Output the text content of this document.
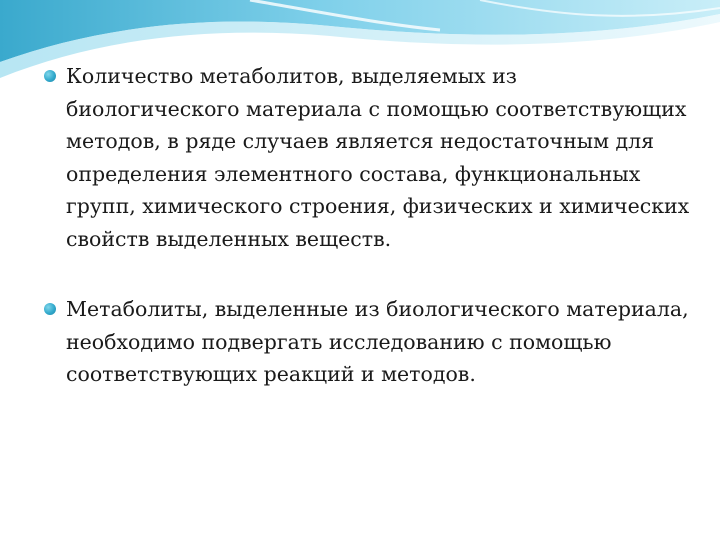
Количество метаболитов, выделяемых из биологического материала с помощью соответствующих методов, в ряде случаев является недостаточным для определения элементного состава, функциональных групп, химического строения, физических и химических свойств выделенных веществ.
Метаболиты, выделенные из биологического материала, необходимо подвергать исследованию с помощью соответствующих реакций и методов.
